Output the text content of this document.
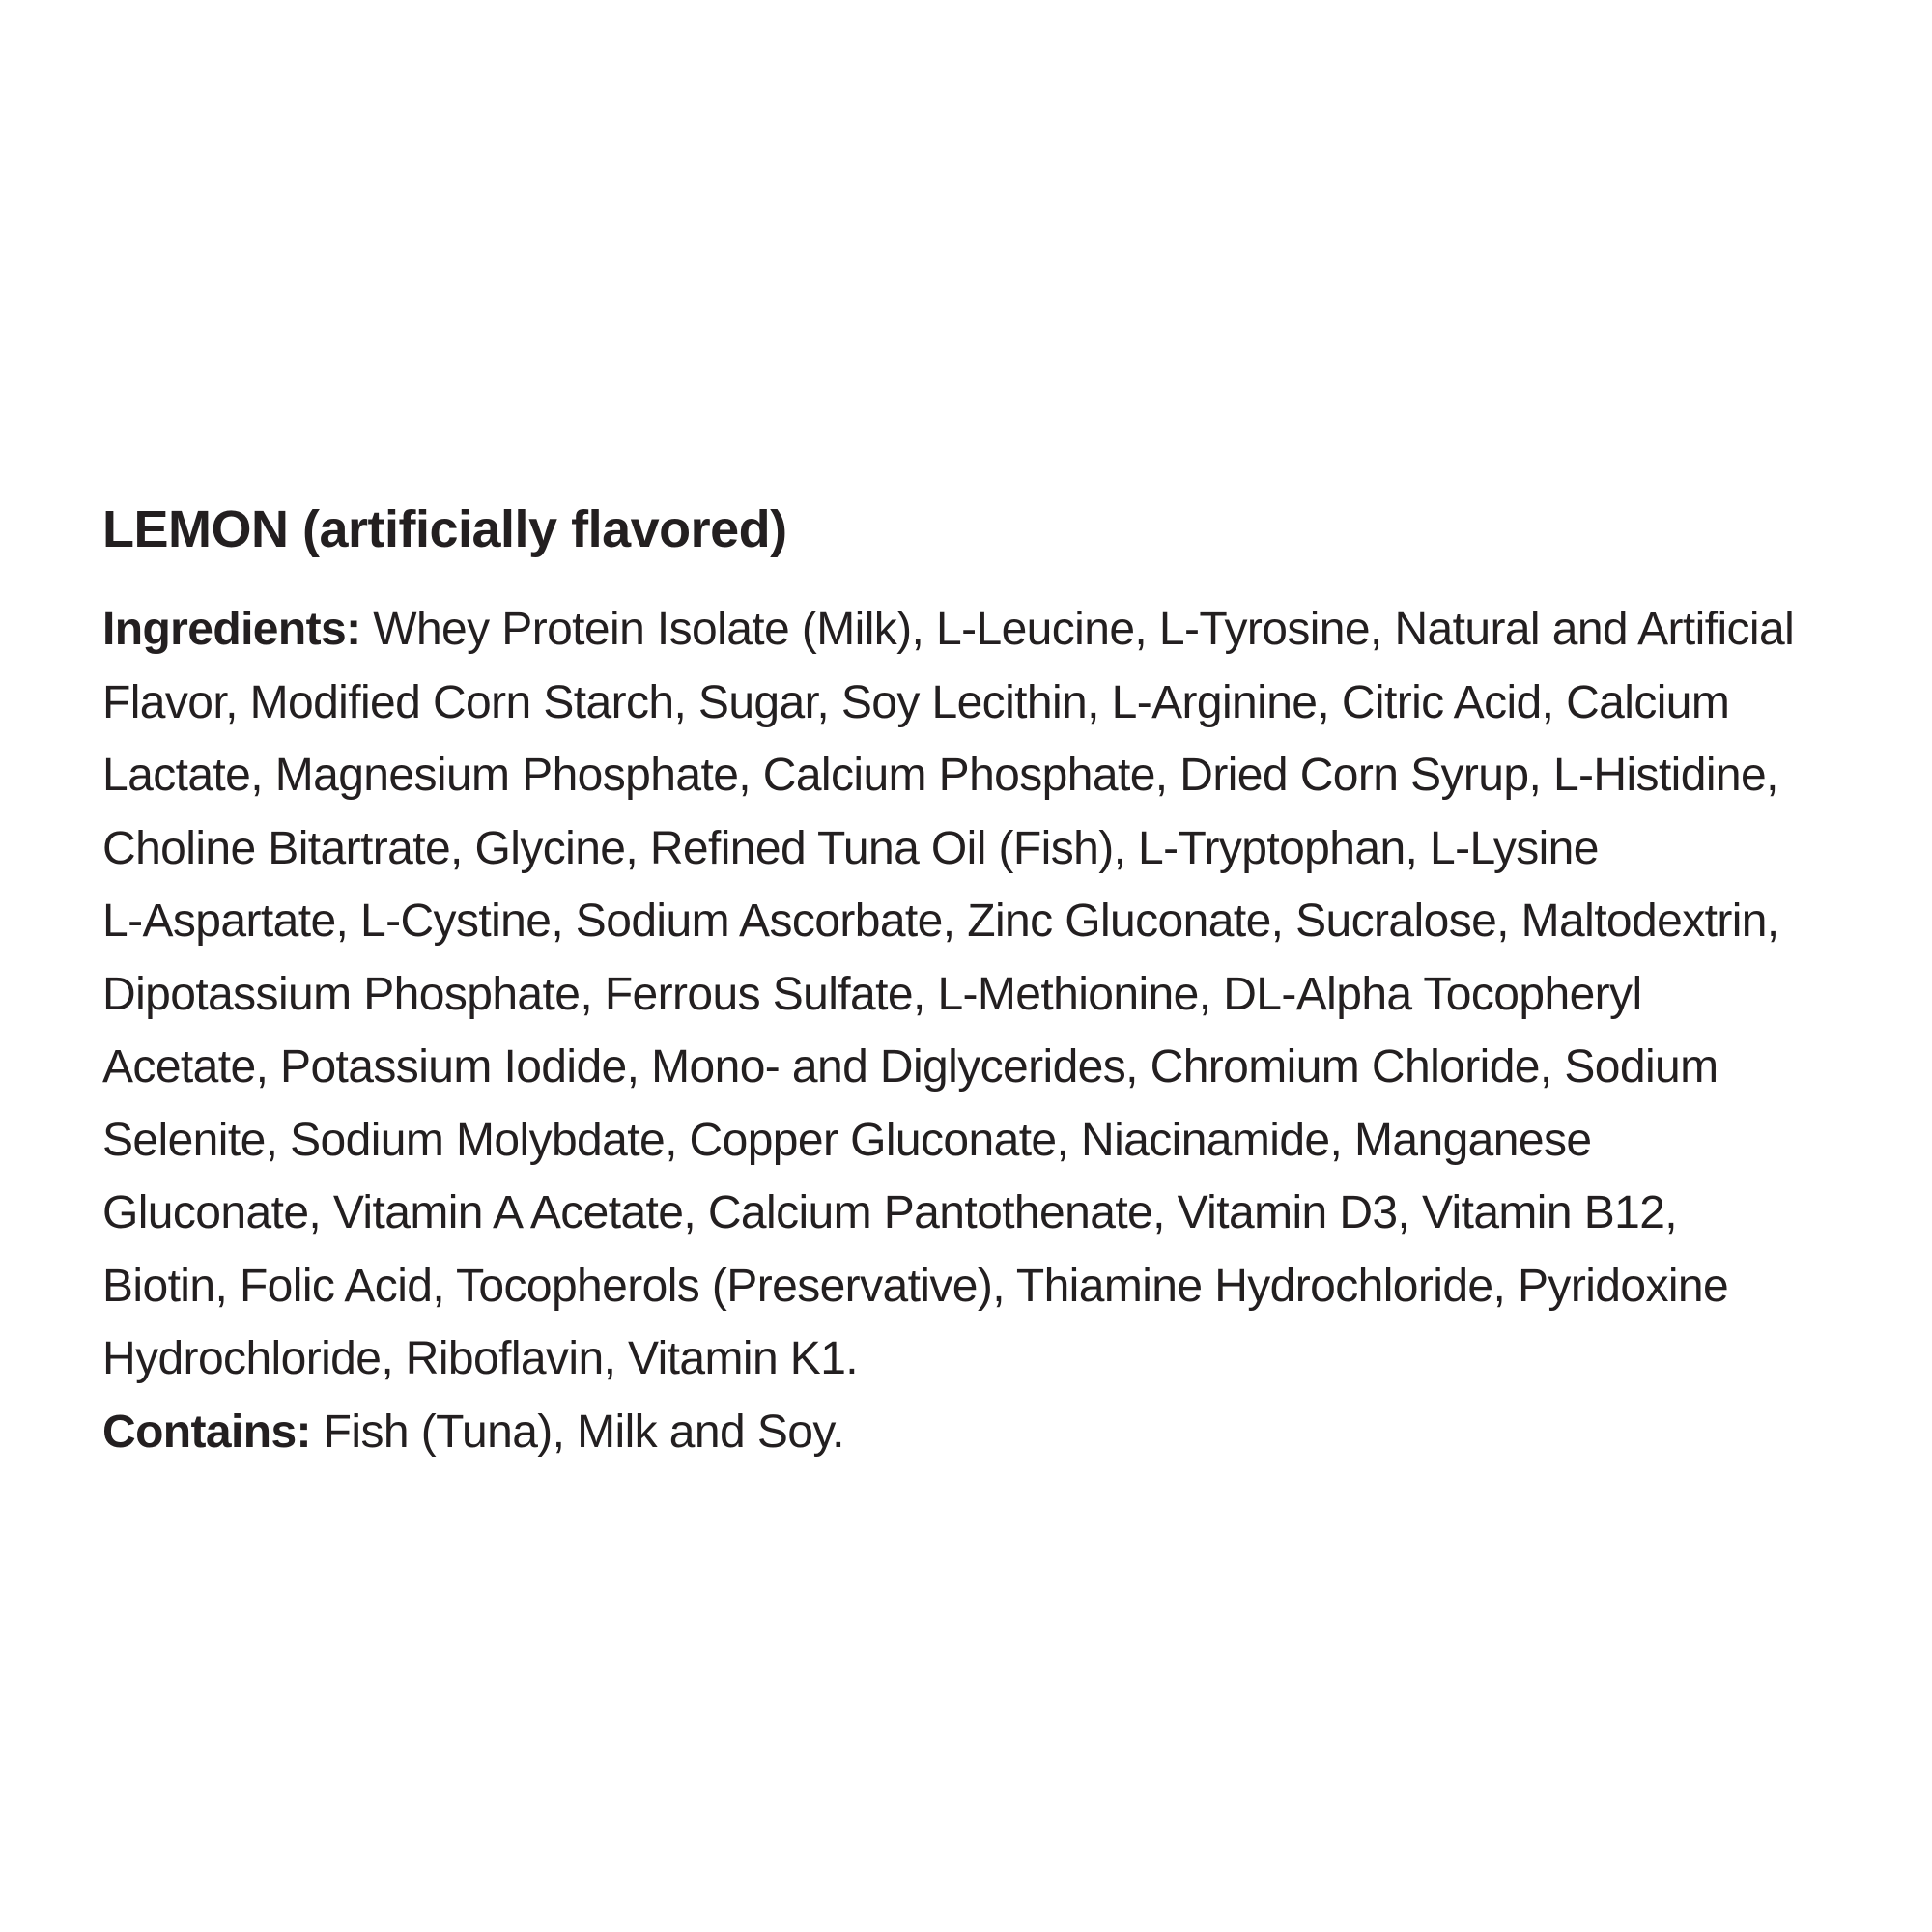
LEMON (artificially flavored)
Ingredients: Whey Protein Isolate (Milk), L-Leucine, L-Tyrosine, Natural and Artificial
Flavor, Modified Corn Starch, Sugar, Soy Lecithin, L-Arginine, Citric Acid, Calcium
Lactate, Magnesium Phosphate, Calcium Phosphate, Dried Corn Syrup, L-Histidine,
Choline Bitartrate, Glycine, Refined Tuna Oil (Fish), L-Tryptophan, L-Lysine
L-Aspartate, L-Cystine, Sodium Ascorbate, Zinc Gluconate, Sucralose, Maltodextrin,
Dipotassium Phosphate, Ferrous Sulfate, L-Methionine, DL-Alpha Tocopheryl
Acetate, Potassium Iodide, Mono- and Diglycerides, Chromium Chloride, Sodium
Selenite, Sodium Molybdate, Copper Gluconate, Niacinamide, Manganese
Gluconate, Vitamin A Acetate, Calcium Pantothenate, Vitamin D3, Vitamin B12,
Biotin, Folic Acid, Tocopherols (Preservative), Thiamine Hydrochloride, Pyridoxine
Hydrochloride, Riboflavin, Vitamin K1.
Contains: Fish (Tuna), Milk and Soy.
